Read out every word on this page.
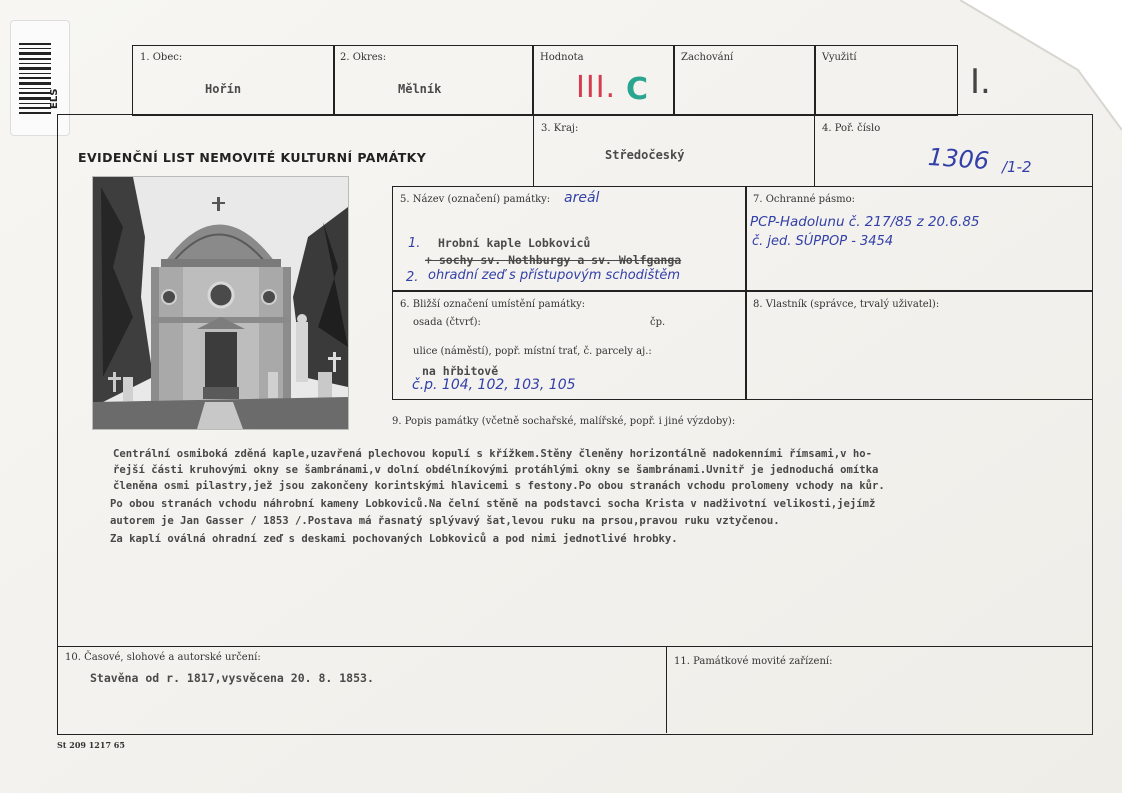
ELS
1. Obec:
Hořín
2. Okres:
Mělník
Hodnota
III. C
Zachování	Využití
I.
EVIDENČNÍ LIST NEMOVITÉ KULTURNÍ PAMÁTKY
3. Kraj:
Středočeský
4. Poř. číslo
1306 /1-2
5. Název (označení) památky: areál
1. Hrobní kaple Lobkoviců
+ sochy sv. Nothburgy a sv. Wolfganga
2. ohradní zeď s přístupovým schodištěm
7. Ochranné pásmo:
PCP-Hadolunu č. 217/85 z 20.6.85
č. jed. SÚPPOP - 3454
6. Bližší označení umístění památky:
osada (čtvrť):	čp.
ulice (náměstí), popř. místní trať, č. parcely aj.:
na hřbitově
č.p. 104, 102, 103, 105
8. Vlastník (správce, trvalý uživatel):
9. Popis památky (včetně sochařské, malířské, popř. i jiné výzdoby):
Centrální osmiboká zděná kaple,uzavřená plechovou kopulí s křížkem.Stěny členěny horizontálně nadokenními římsami,v ho-
řejší části kruhovými okny se šambránami,v dolní obdélníkovými protáhlými okny se šambránami.Uvnitř je jednoduchá omítka
členěna osmi pilastry,jež jsou zakončeny korintskými hlavicemi s festony.Po obou stranách vchodu prolomeny vchody na kůr.
Po obou stranách vchodu náhrobní kameny Lobkoviců.Na čelní stěně na podstavci socha Krista v nadživotní velikosti,jejímž
autorem je Jan Gasser / 1853 /.Postava má řasnatý splývavý šat,levou ruku na prsou,pravou ruku vztyčenou.
Za kaplí oválná ohradní zeď s deskami pochovaných Lobkoviců a pod nimi jednotlivé hrobky.
10. Časové, slohové a autorské určení:
Stavěna od r. 1817,vysvěcena 20. 8. 1853.
11. Památkové movité zařízení:
St 209 1217 65
